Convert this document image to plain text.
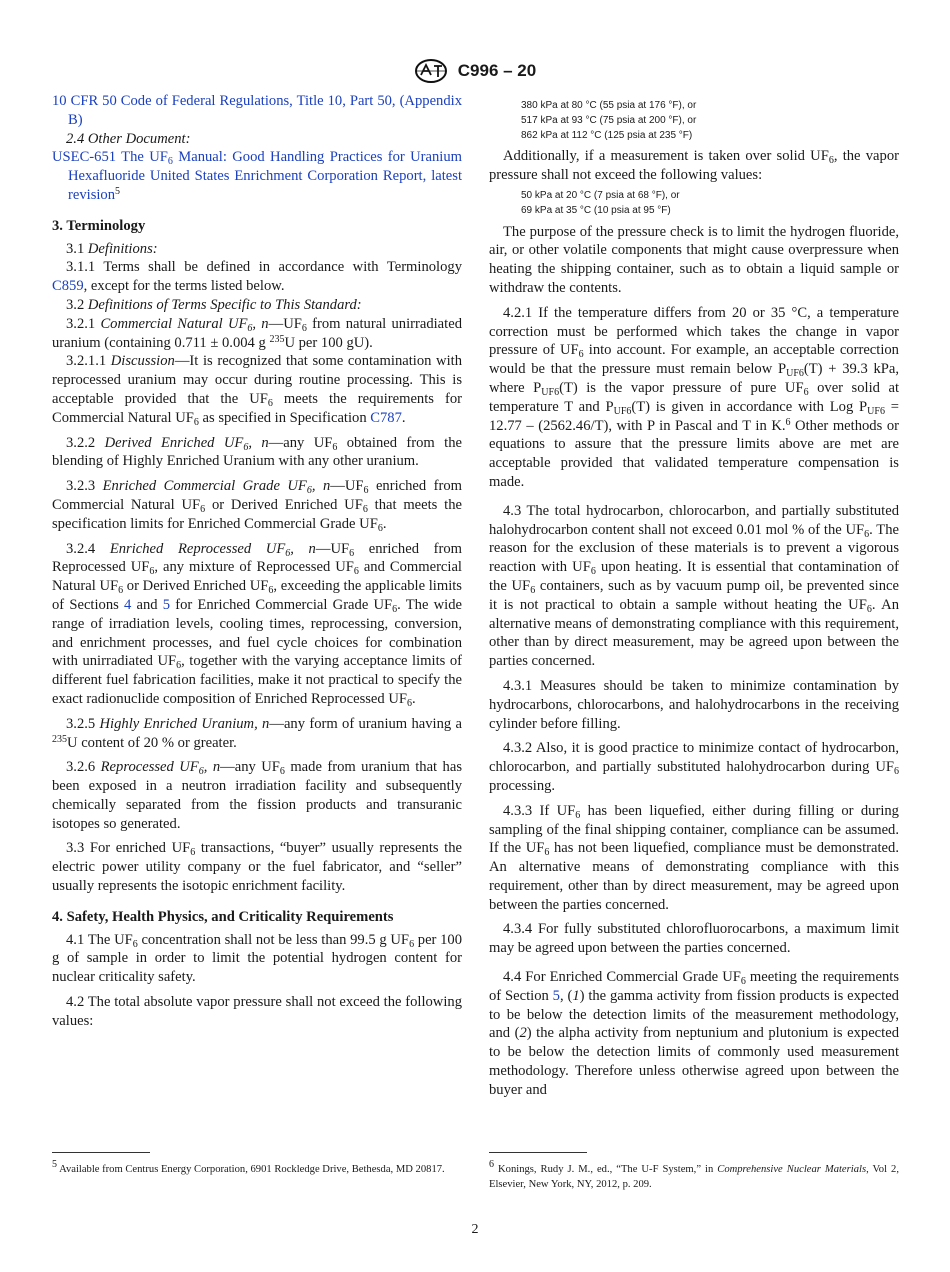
C996 – 20

10 CFR 50 Code of Federal Regulations, Title 10, Part 50, (Appendix B)

2.4 Other Document:

USEC-651 The $UF_6$ Manual: Good Handling Practices for Uranium Hexafluoride United States Enrichment Corporation Report, latest revision$^5$

3. Terminology

3.1 Definitions:

3.1.1 Terms shall be defined in accordance with Terminology C859, except for the terms listed below.

3.2 Definitions of Terms Specific to This Standard:

3.2.1 Commercial Natural $UF_6$, $n—UF_6$ from natural unirradiated uranium (containing 0.711 ± 0.004 g $^{235}$U per 100 gU).

3.2.1.1 Discussion—It is recognized that some contamination with reprocessed uranium may occur during routine processing. This is acceptable provided that the $UF_6$ meets the requirements for Commercial Natural $UF_6$ as specified in Specification C787.

3.2.2 Derived Enriched $UF_6$, n—any $UF_6$ obtained from the blending of Highly Enriched Uranium with any other uranium.

3.2.3 Enriched Commercial Grade $UF_6$, $n—UF_6$ enriched from Commercial Natural $UF_6$ or Derived Enriched $UF_6$ that meets the specification limits for Enriched Commercial Grade $UF_6$.

3.2.4 Enriched Reprocessed $UF_6$, $n—UF_6$ enriched from Reprocessed $UF_6$, any mixture of Reprocessed $UF_6$ and Commercial Natural $UF_6$ or Derived Enriched $UF_6$, exceeding the applicable limits of Sections 4 and 5 for Enriched Commercial Grade $UF_6$. The wide range of irradiation levels, cooling times, reprocessing, conversion, and enrichment processes, and fuel cycle choices for combination with unirradiated $UF_6$, together with the varying acceptance limits of different fuel fabrication facilities, make it not practical to specify the exact radionuclide composition of Enriched Reprocessed $UF_6$.

3.2.5 Highly Enriched Uranium, n—any form of uranium having a $^{235}$U content of 20 % or greater.

3.2.6 Reprocessed $UF_6$, n—any $UF_6$ made from uranium that has been exposed in a neutron irradiation facility and subsequently chemically separated from the fission products and transuranic isotopes so generated.

3.3 For enriched $UF_6$ transactions, “buyer” usually represents the electric power utility company or the fuel fabricator, and “seller” usually represents the isotopic enrichment facility.

4. Safety, Health Physics, and Criticality Requirements

4.1 The $UF_6$ concentration shall not be less than 99.5 g $UF_6$ per 100 g of sample in order to limit the potential hydrogen content for nuclear criticality safety.

4.2 The total absolute vapor pressure shall not exceed the following values:

380 kPa at 80 °C (55 psia at 176 °F), or
517 kPa at 93 °C (75 psia at 200 °F), or
862 kPa at 112 °C (125 psia at 235 °F)

Additionally, if a measurement is taken over solid $UF_6$, the vapor pressure shall not exceed the following values:

50 kPa at 20 °C (7 psia at 68 °F), or
69 kPa at 35 °C (10 psia at 95 °F)

The purpose of the pressure check is to limit the hydrogen fluoride, air, or other volatile components that might cause overpressure when heating the shipping container, such as to obtain a liquid sample or withdraw the contents.

4.2.1 If the temperature differs from 20 or 35 °C, a temperature correction must be performed which takes the change in vapor pressure of $UF_6$ into account. For example, an acceptable correction would be that the pressure must remain below $P_{UF6}(T) + 39.3$ kPa, where $P_{UF6}(T)$ is the vapor pressure of pure $UF_6$ over solid at temperature T and $P_{UF6}(T)$ is given in accordance with Log $P_{UF6} = 12.77 - (2562.46/T)$, with P in Pascal and T in K.$^6$ Other methods or equations to assure that the pressure limits above are met are acceptable provided that validated temperature compensation is made.

4.3 The total hydrocarbon, chlorocarbon, and partially substituted halohydrocarbon content shall not exceed 0.01 mol % of the $UF_6$. The reason for the exclusion of these materials is to prevent a vigorous reaction with $UF_6$ upon heating. It is essential that contamination of the $UF_6$ containers, such as by vacuum pump oil, be prevented since it is not practical to obtain a sample without heating the $UF_6$. An alternative means of demonstrating compliance with this requirement, other than by direct measurement, may be agreed upon between the parties concerned.

4.3.1 Measures should be taken to minimize contamination by hydrocarbons, chlorocarbons, and halohydrocarbons in the receiving cylinder before filling.

4.3.2 Also, it is good practice to minimize contact of hydrocarbon, chlorocarbon, and partially substituted halohydrocarbon during $UF_6$ processing.

4.3.3 If $UF_6$ has been liquefied, either during filling or during sampling of the final shipping container, compliance can be assumed. If the $UF_6$ has not been liquefied, compliance must be demonstrated. An alternative means of demonstrating compliance with this requirement, other than by direct measurement, may be agreed upon between the parties concerned.

4.3.4 For fully substituted chlorofluorocarbons, a maximum limit may be agreed upon between the parties concerned.

4.4 For Enriched Commercial Grade $UF_6$ meeting the requirements of Section 5, (1) the gamma activity from fission products is expected to be below the detection limits of the measurement methodology, and (2) the alpha activity from neptunium and plutonium is expected to be below the detection limits of commonly used measurement methodology. Therefore unless otherwise agreed upon between the buyer and

$^5$ Available from Centrus Energy Corporation, 6901 Rockledge Drive, Bethesda, MD 20817.	$^6$ Konings, Rudy J. M., ed., “The U-F System,” in Comprehensive Nuclear Materials, Vol 2, Elsevier, New York, NY, 2012, p. 209.
2
